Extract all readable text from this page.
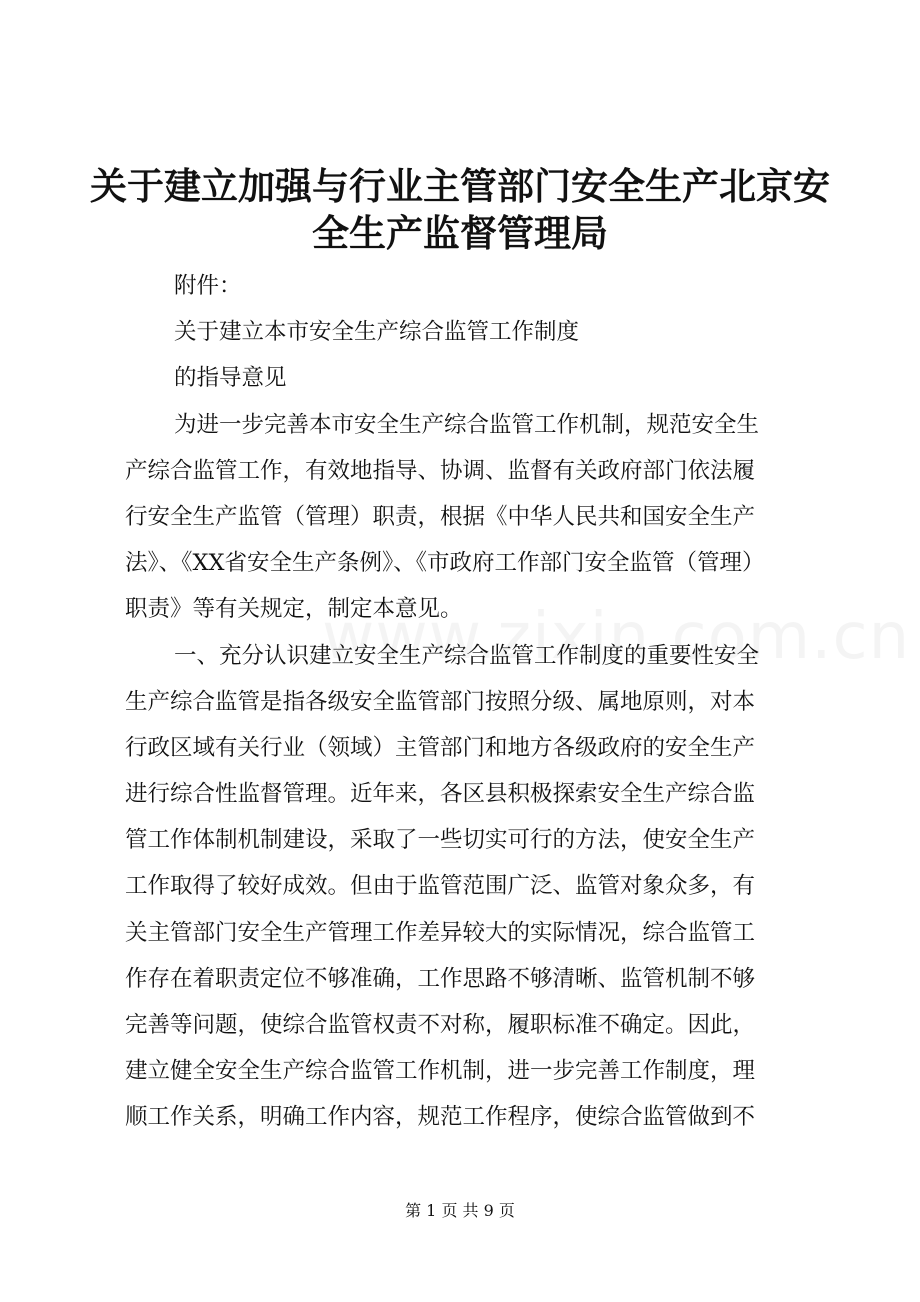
关于建立加强与行业主管部门安全生产北京安
全生产监督管理局
附件：
关于建立本市安全生产综合监管工作制度
的指导意见
为进一步完善本市安全生产综合监管工作机制，规范安全生
产综合监管工作，有效地指导、协调、监督有关政府部门依法履
行安全生产监管（管理）职责，根据《中华人民共和国安全生产
法》、《XX省安全生产条例》、《市政府工作部门安全监管（管理）
职责》等有关规定，制定本意见。
一、充分认识建立安全生产综合监管工作制度的重要性安全
生产综合监管是指各级安全监管部门按照分级、属地原则，对本
行政区域有关行业（领域）主管部门和地方各级政府的安全生产
进行综合性监督管理。近年来，各区县积极探索安全生产综合监
管工作体制机制建设，采取了一些切实可行的方法，使安全生产
工作取得了较好成效。但由于监管范围广泛、监管对象众多，有
关主管部门安全生产管理工作差异较大的实际情况，综合监管工
作存在着职责定位不够准确，工作思路不够清晰、监管机制不够
完善等问题，使综合监管权责不对称，履职标准不确定。因此，
建立健全安全生产综合监管工作机制，进一步完善工作制度，理
顺工作关系，明确工作内容，规范工作程序，使综合监管做到不
第 1 页 共 9 页
